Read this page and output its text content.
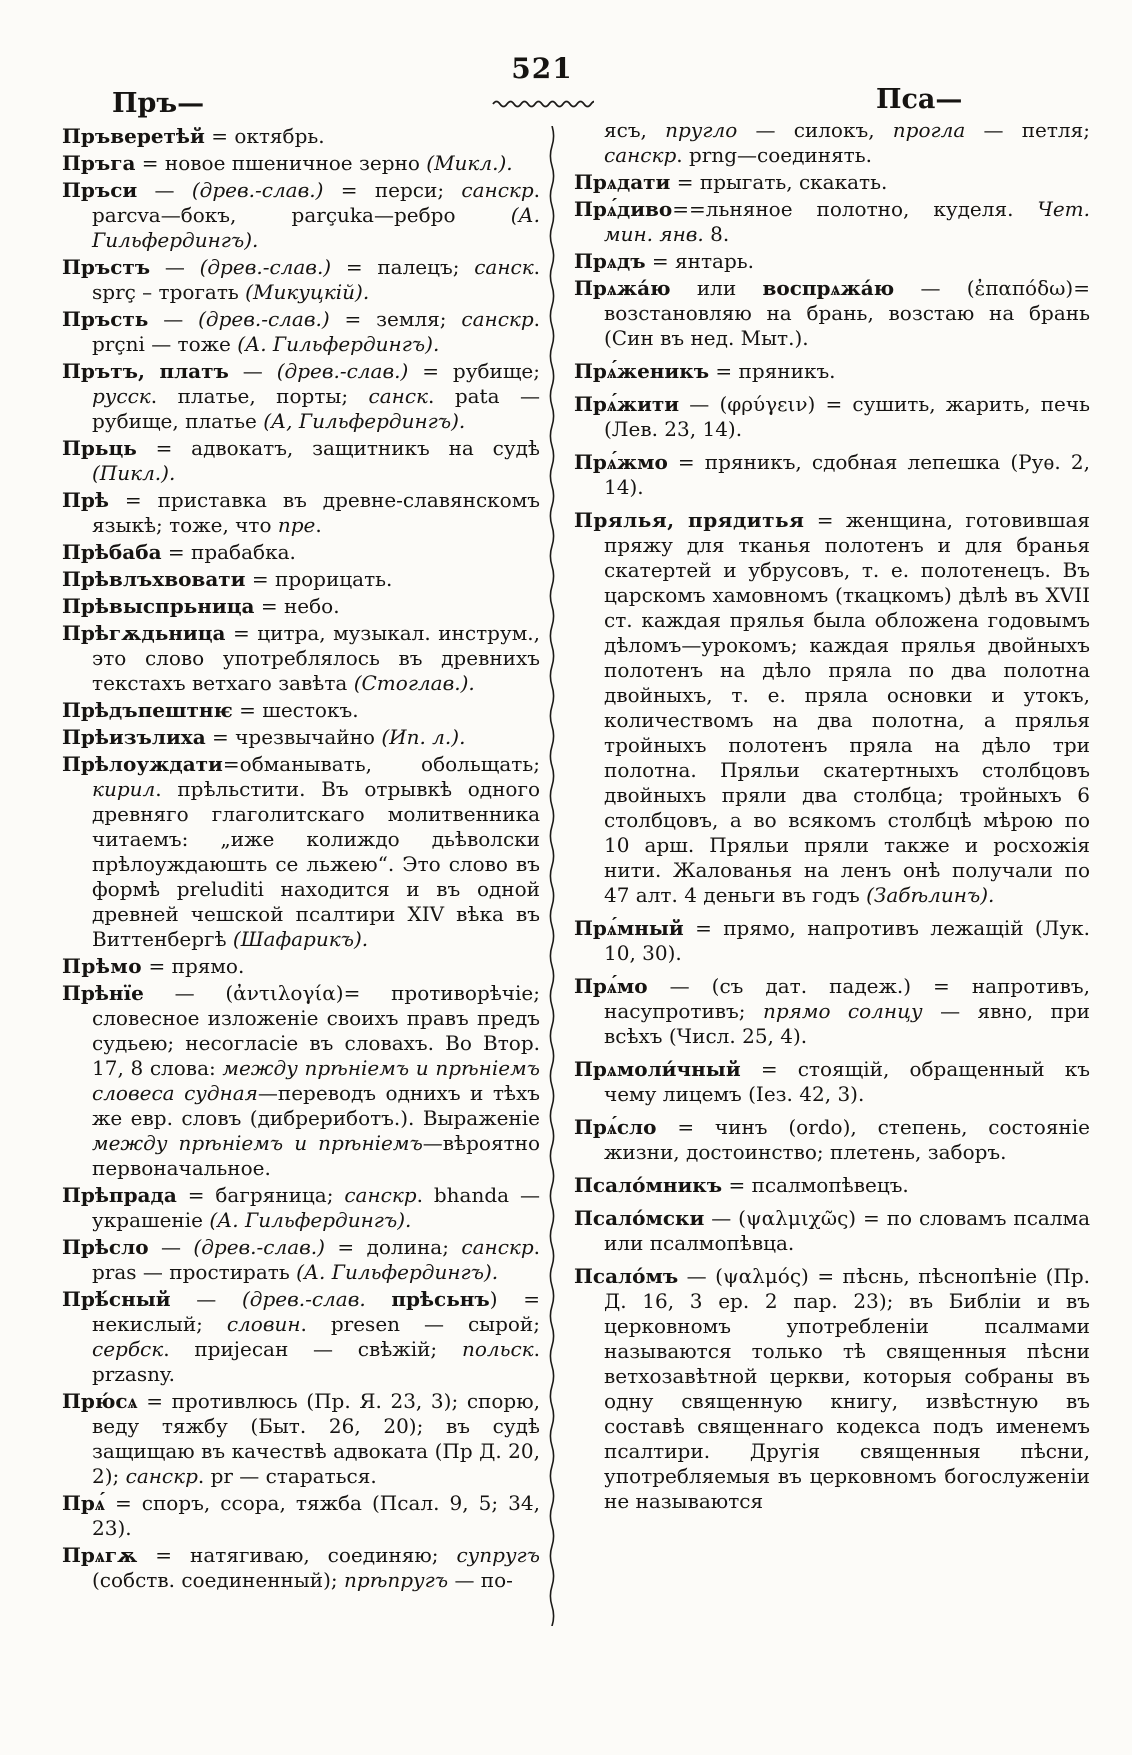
521
Пръ—	Пса—

Пръверетѣй = октябрь.

Пръга = новое пшеничное зерно (Микл.).

Пръси — (древ.-слав.) = перси; санскр. parcva—бокъ, parçuka—ребро (А. Гильфердингъ).

Пръстъ — (древ.-слав.) = палецъ; санск. sprç – трогать (Микуцкій).

Пръсть — (древ.-слав.) = земля; санскр. prçni — тоже (А. Гильфердингъ).

Прътъ, платъ — (древ.-слав.) = рубище; русск. платье, порты; санск. pata — рубище, платье (А, Гильфердингъ).

Прьць = адвокатъ, защитникъ на судѣ (Пикл.).

Прѣ = приставка въ древне-славянскомъ языкѣ; тоже, что пре.

Прѣбаба = прабабка.

Прѣвлъхвовати = прорицать.

Прѣвыспрьница = небо.

Прѣгѫдьница = цитра, музыкал. инструм., это слово употреблялось въ древнихъ текстахъ ветхаго завѣта (Стоглав.).

Прѣдъпештнѥ = шестокъ.

Прѣизълиха = чрезвычайно (Ип. л.).

Прѣлоуждати=обманывать, обольщать; кирил. прѣльстити. Въ отрывкѣ одного древняго глаголитскаго молитвенника читаемъ: „иже колиждо дьѣволски прѣлоуждаюшть се льжею“. Это слово въ формѣ preluditi находится и въ одной древней чешской псалтири XIV вѣка въ Виттенбергѣ (Шафарикъ).

Прѣмо = прямо.

Прѣнїе — (ἀντιλογία)= противорѣчіе; словесное изложеніе своихъ правъ предъ судьею; несогласіе въ словахъ. Во Втор. 17, 8 слова: между прѣніемъ и прѣніемъ словеса судная—переводъ однихъ и тѣхъ же евр. словъ (дибрериботъ.). Выраженіе между прѣніемъ и прѣніемъ—вѣроятно первоначальное.

Прѣпрада = багряница; санскр. bhanda — украшеніе (А. Гильфердингъ).

Прѣсло — (древ.-слав.) = долина; санскр. pras — простирать (А. Гильфердингъ).

Прѣ́сный — (древ.-слав. прѣсьнъ) = некислый; словин. presen — сырой; сербск. пријесан — свѣжій; польск. przasny.

Прю́сѧ = противлюсь (Пр. Я. 23, 3); спорю, веду тяжбу (Быт. 26, 20); въ судѣ защищаю въ качествѣ адвоката (Пр Д. 20, 2); санскр. pr — стараться.

Прѧ́ = споръ, ссора, тяжба (Псал. 9, 5; 34, 23).

Прѧгѫ = натягиваю, соединяю; супругъ (собств. соединенный); прѣпругъ — по-

ясъ, пругло — силокъ, прогла — петля; санскр. prng—соединять.

Прѧдати = прыгать, скакать.

Прѧ́диво==льняное полотно, куделя. Чет. мин. янв. 8.

Прѧдъ = янтарь.

Прѧжа́ю или воспрѧжа́ю — (ἐπαπόδω)= возстановляю на брань, возстаю на брань (Син въ нед. Мыт.).

Прѧ́женикъ = пряникъ.

Прѧ́жити — (φρύγειν) = сушить, жарить, печь (Лев. 23, 14).

Прѧ́жмо = пряникъ, сдобная лепешка (Руѳ. 2, 14).

Прялья, прядитья = женщина, готовившая пряжу для тканья полотенъ и для бранья скатертей и убрусовъ, т. е. полотенецъ. Въ царскомъ хамовномъ (ткацкомъ) дѣлѣ въ XVII ст. каждая прялья была обложена годовымъ дѣломъ—урокомъ; каждая прялья двойныхъ полотенъ на дѣло пряла по два полотна двойныхъ, т. е. пряла основки и утокъ, количествомъ на два полотна, а прялья тройныхъ полотенъ пряла на дѣло три полотна. Пряльи скатертныхъ столбцовъ двойныхъ пряли два столбца; тройныхъ 6 столбцовъ, а во всякомъ столбцѣ мѣрою по 10 арш. Пряльи пряли также и росхожія нити. Жалованья на ленъ онѣ получали по 47 алт. 4 деньги въ годъ (Забѣлинъ).

Прѧ́мный = прямо, напротивъ лежащій (Лук. 10, 30).

Прѧ́мо — (съ дат. падеж.) = напротивъ, насупротивъ; прямо солнцу — явно, при всѣхъ (Числ. 25, 4).

Прѧмоли́чный = стоящій, обращенный къ чему лицемъ (Іез. 42, 3).

Прѧ́сло = чинъ (ordo), степень, состояніе жизни, достоинство; плетень, заборъ.

Псало́мникъ = псалмопѣвецъ.

Псало́мски — (ψαλμιχῶς) = по словамъ псалма или псалмопѣвца.

Псало́мъ — (ψαλμός) = пѣснь, пѣснопѣніе (Пр. Д. 16, 3 ер. 2 пар. 23); въ Библіи и въ церковномъ употребленіи псалмами называются только тѣ священныя пѣсни ветхозавѣтной церкви, которыя собраны въ одну священную книгу, извѣстную въ составѣ священнаго кодекса подъ именемъ псалтири. Другія священныя пѣсни, употребляемыя въ церковномъ богослуженіи не называются
